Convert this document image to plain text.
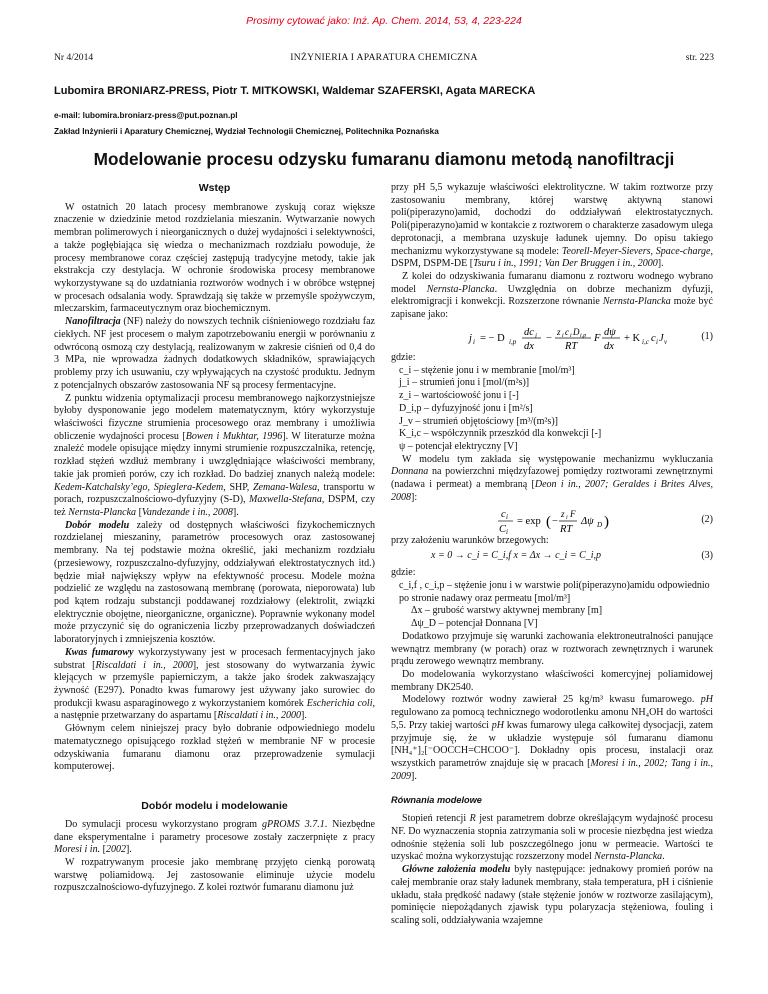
Prosimy cytować jako: Inż. Ap. Chem. 2014, 53, 4, 223-224
Nr 4/2014	INŻYNIERIA I APARATURA CHEMICZNA	str. 223
Lubomira BRONIARZ-PRESS, Piotr T. MITKOWSKI, Waldemar SZAFERSKI, Agata MARECKA
e-mail: lubomira.broniarz-press@put.poznan.pl
Zakład Inżynierii i Aparatury Chemicznej, Wydział Technologii Chemicznej, Politechnika Poznańska
Modelowanie procesu odzysku fumaranu diamonu metodą nanofiltracji
Wstęp

W ostatnich 20 latach procesy membranowe zyskują coraz większe znaczenie w dziedzinie metod rozdzielania mieszanin. Wytwarzanie nowych membran polimerowych i nieorganicznych o dużej wydajności i selektywności, a także pogłębiająca się wiedza o mechanizmach rozdziału powoduje, że procesy membranowe coraz częściej zastępują tradycyjne metody, takie jak ekstrakcja czy destylacja. W ochronie środowiska procesy membranowe wykorzystywane są do uzdatniania roztworów wodnych i w obróbce wstępnej w procesach odsalania wody. Sprawdzają się także w przemyśle spożywczym, mleczarskim, farmaceutycznym oraz biochemicznym.

Nanofiltracja (NF) należy do nowszych technik ciśnieniowego rozdziału faz ciekłych. NF jest procesem o małym zapotrzebowaniu energii w porównaniu z odwróconą osmozą czy destylacją, realizowanym w zakresie ciśnień od 0,4 do 3 MPa, nie wprowadza żadnych dodatkowych składników, sprawiających problemy przy ich usuwaniu, czy wpływających na czystość produktu. Jednym z potencjalnych obszarów zastosowania NF są procesy fermentacyjne.

Z punktu widzenia optymalizacji procesu membranowego najkorzystniejsze byłoby dysponowanie jego modelem matematycznym, który wykorzystuje właściwości fizyczne strumienia procesowego oraz membrany i umożliwia obliczenie wydajności procesu [Bowen i Mukhtar, 1996]. W literaturze można znaleźć modele opisujące między innymi strumienie rozpuszczalnika, retencję, rozkład stężeń wzdłuż membrany i uwzględniające właściwości membrany, takie jak promień porów, czy ich rozkład. Do badziej znanych należą modele: Kedem-Katchalsky’ego, Spieglera-Kedem, SHP, Zemana-Walesa, transportu w porach, rozpuszczalnościowo-dyfuzyjny (S-D), Maxwella-Stefana, DSPM, czy też Nernsta-Plancka [Vandezande i in., 2008].

Dobór modelu zależy od dostępnych właściwości fizykochemicznych rozdzielanej mieszaniny, parametrów procesowych oraz zastosowanej membrany. Na tej podstawie można określić, jaki mechanizm rozdziału (przesiewowy, rozpuszczalno-dyfuzyjny, oddziaływań elektrostatycznych itd.) będzie miał największy wpływ na efektywność procesu. Modele można podzielić ze względu na zastosowaną membranę (porowata, nieporowata) lub pod kątem rodzaju substancji poddawanej rozdziałowy (elektrolit, związki elektrycznie obojętne, nieorganiczne, organiczne). Poprawnie wykonany model może przyczynić się do ograniczenia liczby przeprowadzanych doświadczeń laboratoryjnych i zmniejszenia kosztów.

Kwas fumarowy wykorzystywany jest w procesach fermentacyjnych jako substrat [Riscaldati i in., 2000], jest stosowany do wytwarzania żywic klejących w przemyśle papierniczym, a także jako środek zakwaszający żywność (E297). Ponadto kwas fumarowy jest używany jako surowiec do produkcji kwasu asparaginowego z wykorzystaniem komórek Escherichia coli, a następnie przetwarzany do aspartamu [Riscaldati i in., 2000].

Głównym celem niniejszej pracy było dobranie odpowiedniego modelu matematycznego opisującego rozkład stężeń w membranie NF w procesie odzyskiwania fumaranu diamonu oraz przeprowadzenie symulacji komputerowej.

Dobór modelu i modelowanie

Do symulacji procesu wykorzystano program gPROMS 3.7.1. Niezbędne dane eksperymentalne i parametry procesowe zostały zaczerpnięte z pracy Moresi i in. [2002].

W rozpatrywanym procesie jako membranę przyjęto cienką porowatą warstwę poliamidową. Jej zastosowanie eliminuje użycie modelu rozpuszczalnościowo-dyfuzyjnego. Z kolei roztwór fumaranu diamonu już

przy pH 5,5 wykazuje właściwości elektrolityczne. W takim roztworze przy zastosowaniu membrany, której warstwę aktywną stanowi poli(piperazyno)amid, dochodzi do oddziaływań elektrostatycznych. Poli(piperazyno)amid w kontakcie z roztworem o charakterze zasadowym ulega deprotonacji, a membrana uzyskuje ładunek ujemny. Do opisu takiego mechanizmu wykorzystywane są modele: Teorell-Meyer-Sievers, Space-charge, DSPM, DSPM-DE [Tsuru i in., 1991; Van Der Bruggen i in., 2000].

Z kolei do odzyskiwania fumaranu diamonu z roztworu wodnego wybrano model Nernsta-Plancka. Uwzględnia on dobrze mechanizm dyfuzji, elektromigracji i konwekcji. Rozszerzone równanie Nernsta-Plancka może być zapisane jako:

j i = − D i,p
dc i
dx
−
z i c i D i,p
RT
F
dψ
dx
+ K i,c c i J v	(1)

gdzie:

c_i – stężenie jonu i w membranie [mol/m³]
j_i – strumień jonu i [mol/(m²s)]
z_i – wartościowość jonu i [-]
D_i,p – dyfuzyjność jonu i [m²/s]
J_v – strumień objętościowy [m³/(m²s)]
K_i,c – współczynnik przeszkód dla konwekcji [-]
ψ – potencjał elektryczny [V]

W modelu tym zakłada się występowanie mechanizmu wykluczania Donnana na powierzchni międzyfazowej pomiędzy roztworami zewnętrznymi (nadawa i permeat) a membraną [Deon i in., 2007; Geraldes i Brites Alves, 2008]:

c i
C i
= exp ( −
z i F
RT
Δψ D )	(2)

przy założeniu warunków brzegowych:

x = 0 → c_i = C_i,f x = Δx → c_i = C_i,p	(3)

gdzie:

c_i,f , c_i,p – stężenie jonu i w warstwie poli(piperazyno)amidu odpowiednio po stronie nadawy oraz permeatu [mol/m³]
Δx – grubość warstwy aktywnej membrany [m]
Δψ_D – potencjał Donnana [V]

Dodatkowo przyjmuje się warunki zachowania elektroneutralności panujące wewnątrz membrany (w porach) oraz w roztworach zewnętrznych i warunek prądu zerowego wewnątrz membrany.

Do modelowania wykorzystano właściwości komercyjnej poliamidowej membrany DK2540.

Modelowy roztwór wodny zawierał 25 kg/m³ kwasu fumarowego. pH regulowano za pomocą technicznego wodorotlenku amonu NH₄OH do wartości 5,5. Przy takiej wartości pH kwas fumarowy ulega całkowitej dysocjacji, zatem przyjmuje się, że w układzie występuje sól fumaranu diamonu [NH₄⁺]₂[⁻OOCCH=CHCOO⁻]. Dokładny opis procesu, instalacji oraz wszystkich parametrów znajduje się w pracach [Moresi i in., 2002; Tang i in., 2009].

Równania modelowe

Stopień retencji R jest parametrem dobrze określającym wydajność procesu NF. Do wyznaczenia stopnia zatrzymania soli w procesie niezbędna jest wiedza odnośnie stężenia soli lub poszczególnego jonu w permeacie. Wartości te uzyskać można wykorzystując rozszerzony model Nernsta-Plancka.

Główne założenia modelu były następujące: jednakowy promień porów na całej membranie oraz stały ładunek membrany, stała temperatura, pH i ciśnienie układu, stała prędkość nadawy (stałe stężenie jonów w roztworze zasilającym), pominięcie niepożądanych zjawisk typu polaryzacja stężeniowa, fouling i scaling soli, oddziaływania wzajemne
